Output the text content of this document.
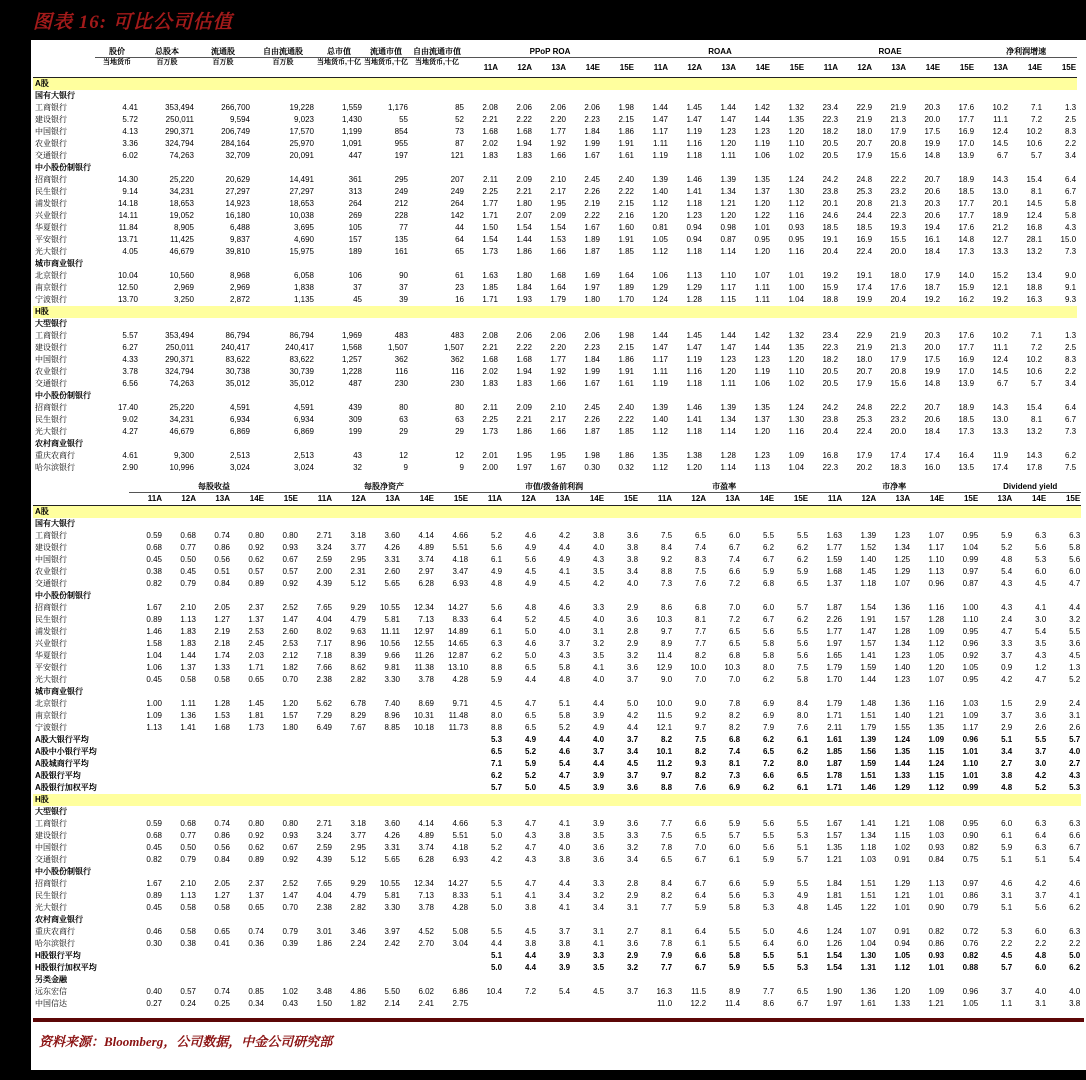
图表 16: 可比公司估值
	股价	总股本	流通股	自由流通股	总市值	流通市值	自由流通市值	PPoP ROA					ROAA					ROAE					净利润增速		
	当地货币	百万股	百万股	百万股	当地货币,十亿	当地货币,十亿	当地货币,十亿	11A	12A	13A	14E	15E	11A	12A	13A	14E	15E	11A	12A	13A	14E	15E	13A	14E	15E
A股																									
国有大银行																									
工商银行	4.41	353,494	266,700	19,228	1,559	1,176	85	2.08	2.06	2.06	2.06	1.98	1.44	1.45	1.44	1.42	1.32	23.4	22.9	21.9	20.3	17.6	10.2	7.1	1.3
建设银行	5.72	250,011	9,594	9,023	1,430	55	52	2.21	2.22	2.20	2.23	2.15	1.47	1.47	1.47	1.44	1.35	22.3	21.9	21.3	20.0	17.7	11.1	7.2	2.5
中国银行	4.13	290,371	206,749	17,570	1,199	854	73	1.68	1.68	1.77	1.84	1.86	1.17	1.19	1.23	1.23	1.20	18.2	18.0	17.9	17.5	16.9	12.4	10.2	8.3
农业银行	3.36	324,794	284,164	25,970	1,091	955	87	2.02	1.94	1.92	1.99	1.91	1.11	1.16	1.20	1.19	1.10	20.5	20.7	20.8	19.9	17.0	14.5	10.6	2.2
交通银行	6.02	74,263	32,709	20,091	447	197	121	1.83	1.83	1.66	1.67	1.61	1.19	1.18	1.11	1.06	1.02	20.5	17.9	15.6	14.8	13.9	6.7	5.7	3.4
中小股份制银行																									
招商银行	14.30	25,220	20,629	14,491	361	295	207	2.11	2.09	2.10	2.45	2.40	1.39	1.46	1.39	1.35	1.24	24.2	24.8	22.2	20.7	18.9	14.3	15.4	6.4
民生银行	9.14	34,231	27,297	27,297	313	249	249	2.25	2.21	2.17	2.26	2.22	1.40	1.41	1.34	1.37	1.30	23.8	25.3	23.2	20.6	18.5	13.0	8.1	6.7
浦发银行	14.18	18,653	14,923	18,653	264	212	264	1.77	1.80	1.95	2.19	2.15	1.12	1.18	1.21	1.20	1.12	20.1	20.8	21.3	20.3	17.7	20.1	14.5	5.8
兴业银行	14.11	19,052	16,180	10,038	269	228	142	1.71	2.07	2.09	2.22	2.16	1.20	1.23	1.20	1.22	1.16	24.6	24.4	22.3	20.6	17.7	18.9	12.4	5.8
华夏银行	11.84	8,905	6,488	3,695	105	77	44	1.50	1.54	1.54	1.67	1.60	0.81	0.94	0.98	1.01	0.93	18.5	18.5	19.3	19.4	17.6	21.2	16.8	4.3
平安银行	13.71	11,425	9,837	4,690	157	135	64	1.54	1.44	1.53	1.89	1.91	1.05	0.94	0.87	0.95	0.95	19.1	16.9	15.5	16.1	14.8	12.7	28.1	15.0
光大银行	4.05	46,679	39,810	15,975	189	161	65	1.73	1.86	1.66	1.87	1.85	1.12	1.18	1.14	1.20	1.16	20.4	22.4	20.0	18.4	17.3	13.3	13.2	7.3
城市商业银行																									
北京银行	10.04	10,560	8,968	6,058	106	90	61	1.63	1.80	1.68	1.69	1.64	1.06	1.13	1.10	1.07	1.01	19.2	19.1	18.0	17.9	14.0	15.2	13.4	9.0
南京银行	12.50	2,969	2,969	1,838	37	37	23	1.85	1.84	1.64	1.97	1.89	1.29	1.29	1.17	1.11	1.00	15.9	17.4	17.6	18.7	15.9	12.1	18.8	9.1
宁波银行	13.70	3,250	2,872	1,135	45	39	16	1.71	1.93	1.79	1.80	1.70	1.24	1.28	1.15	1.11	1.04	18.8	19.9	20.4	19.2	16.2	19.2	16.3	9.3
H股																									
大型银行																									
工商银行	5.57	353,494	86,794	86,794	1,969	483	483	2.08	2.06	2.06	2.06	1.98	1.44	1.45	1.44	1.42	1.32	23.4	22.9	21.9	20.3	17.6	10.2	7.1	1.3
建设银行	6.27	250,011	240,417	240,417	1,568	1,507	1,507	2.21	2.22	2.20	2.23	2.15	1.47	1.47	1.47	1.44	1.35	22.3	21.9	21.3	20.0	17.7	11.1	7.2	2.5
中国银行	4.33	290,371	83,622	83,622	1,257	362	362	1.68	1.68	1.77	1.84	1.86	1.17	1.19	1.23	1.23	1.20	18.2	18.0	17.9	17.5	16.9	12.4	10.2	8.3
农业银行	3.78	324,794	30,738	30,739	1,228	116	116	2.02	1.94	1.92	1.99	1.91	1.11	1.16	1.20	1.19	1.10	20.5	20.7	20.8	19.9	17.0	14.5	10.6	2.2
交通银行	6.56	74,263	35,012	35,012	487	230	230	1.83	1.83	1.66	1.67	1.61	1.19	1.18	1.11	1.06	1.02	20.5	17.9	15.6	14.8	13.9	6.7	5.7	3.4
中小股份制银行																									
招商银行	17.40	25,220	4,591	4,591	439	80	80	2.11	2.09	2.10	2.45	2.40	1.39	1.46	1.39	1.35	1.24	24.2	24.8	22.2	20.7	18.9	14.3	15.4	6.4
民生银行	9.02	34,231	6,934	6,934	309	63	63	2.25	2.21	2.17	2.26	2.22	1.40	1.41	1.34	1.37	1.30	23.8	25.3	23.2	20.6	18.5	13.0	8.1	6.7
光大银行	4.27	46,679	6,869	6,869	199	29	29	1.73	1.86	1.66	1.87	1.85	1.12	1.18	1.14	1.20	1.16	20.4	22.4	20.0	18.4	17.3	13.3	13.2	7.3
农村商业银行																									
重庆农商行	4.61	9,300	2,513	2,513	43	12	12	2.01	1.95	1.95	1.98	1.86	1.35	1.38	1.28	1.23	1.09	16.8	17.9	17.4	17.4	16.4	11.9	14.3	6.2
哈尔滨银行	2.90	10,996	3,024	3,024	32	9	9	2.00	1.97	1.67	0.30	0.32	1.12	1.20	1.14	1.13	1.04	22.3	20.2	18.3	16.0	13.5	17.4	17.8	7.5
	每股收益					每股净资产					市值/拨备前利润					市盈率					市净率					Dividend yield		
	11A	12A	13A	14E	15E	11A	12A	13A	14E	15E	11A	12A	13A	14E	15E	11A	12A	13A	14E	15E	11A	12A	13A	14E	15E	13A	14E	15E
A股																												
国有大银行																												
工商银行	0.59	0.68	0.74	0.80	0.80	2.71	3.18	3.60	4.14	4.66	5.2	4.6	4.2	3.8	3.6	7.5	6.5	6.0	5.5	5.5	1.63	1.39	1.23	1.07	0.95	5.9	6.3	6.3
建设银行	0.68	0.77	0.86	0.92	0.93	3.24	3.77	4.26	4.89	5.51	5.6	4.9	4.4	4.0	3.8	8.4	7.4	6.7	6.2	6.2	1.77	1.52	1.34	1.17	1.04	5.2	5.6	5.8
中国银行	0.45	0.50	0.56	0.62	0.67	2.59	2.95	3.31	3.74	4.18	6.1	5.6	4.9	4.3	3.8	9.2	8.3	7.4	6.7	6.2	1.59	1.40	1.25	1.10	0.99	4.8	5.3	5.6
农业银行	0.38	0.45	0.51	0.57	0.57	2.00	2.31	2.60	2.97	3.47	4.9	4.5	4.1	3.5	3.4	8.8	7.5	6.6	5.9	5.9	1.68	1.45	1.29	1.13	0.97	5.4	6.0	6.0
交通银行	0.82	0.79	0.84	0.89	0.92	4.39	5.12	5.65	6.28	6.93	4.8	4.9	4.5	4.2	4.0	7.3	7.6	7.2	6.8	6.5	1.37	1.18	1.07	0.96	0.87	4.3	4.5	4.7
中小股份制银行																												
招商银行	1.67	2.10	2.05	2.37	2.52	7.65	9.29	10.55	12.34	14.27	5.6	4.8	4.6	3.3	2.9	8.6	6.8	7.0	6.0	5.7	1.87	1.54	1.36	1.16	1.00	4.3	4.1	4.4
民生银行	0.89	1.13	1.27	1.37	1.47	4.04	4.79	5.81	7.13	8.33	6.4	5.2	4.5	4.0	3.6	10.3	8.1	7.2	6.7	6.2	2.26	1.91	1.57	1.28	1.10	2.4	3.0	3.2
浦发银行	1.46	1.83	2.19	2.53	2.60	8.02	9.63	11.11	12.97	14.89	6.1	5.0	4.0	3.1	2.8	9.7	7.7	6.5	5.6	5.5	1.77	1.47	1.28	1.09	0.95	4.7	5.4	5.5
兴业银行	1.58	1.83	2.18	2.45	2.53	7.17	8.96	10.56	12.55	14.65	6.3	4.6	3.7	3.2	2.9	8.9	7.7	6.5	5.8	5.6	1.97	1.57	1.34	1.12	0.96	3.3	3.5	3.6
华夏银行	1.04	1.44	1.74	2.03	2.12	7.18	8.39	9.66	11.26	12.87	6.2	5.0	4.3	3.5	3.2	11.4	8.2	6.8	5.8	5.6	1.65	1.41	1.23	1.05	0.92	3.7	4.3	4.5
平安银行	1.06	1.37	1.33	1.71	1.82	7.66	8.62	9.81	11.38	13.10	8.8	6.5	5.8	4.1	3.6	12.9	10.0	10.3	8.0	7.5	1.79	1.59	1.40	1.20	1.05	0.9	1.2	1.3
光大银行	0.45	0.58	0.58	0.65	0.70	2.38	2.82	3.30	3.78	4.28	5.9	4.4	4.8	4.0	3.7	9.0	7.0	7.0	6.2	5.8	1.70	1.44	1.23	1.07	0.95	4.2	4.7	5.2
城市商业银行																												
北京银行	1.00	1.11	1.28	1.45	1.20	5.62	6.78	7.40	8.69	9.71	4.5	4.7	5.1	4.4	5.0	10.0	9.0	7.8	6.9	8.4	1.79	1.48	1.36	1.16	1.03	1.5	2.9	2.4
南京银行	1.09	1.36	1.53	1.81	1.57	7.29	8.29	8.96	10.31	11.48	8.0	6.5	5.8	3.9	4.2	11.5	9.2	8.2	6.9	8.0	1.71	1.51	1.40	1.21	1.09	3.7	3.6	3.1
宁波银行	1.13	1.41	1.68	1.73	1.80	6.49	7.67	8.85	10.18	11.73	8.8	6.5	5.2	4.9	4.4	12.1	9.7	8.2	7.9	7.6	2.11	1.79	1.55	1.35	1.17	2.9	2.6	2.6
A股大银行平均											5.3	4.9	4.4	4.0	3.7	8.2	7.5	6.8	6.2	6.1	1.61	1.39	1.24	1.09	0.96	5.1	5.5	5.7
A股中小银行平均											6.5	5.2	4.6	3.7	3.4	10.1	8.2	7.4	6.5	6.2	1.85	1.56	1.35	1.15	1.01	3.4	3.7	4.0
A股城商行平均											7.1	5.9	5.4	4.4	4.5	11.2	9.3	8.1	7.2	8.0	1.87	1.59	1.44	1.24	1.10	2.7	3.0	2.7
A股银行平均											6.2	5.2	4.7	3.9	3.7	9.7	8.2	7.3	6.6	6.5	1.78	1.51	1.33	1.15	1.01	3.8	4.2	4.3
A股银行加权平均											5.7	5.0	4.5	3.9	3.6	8.8	7.6	6.9	6.2	6.1	1.71	1.46	1.29	1.12	0.99	4.8	5.2	5.3
H股																												
大型银行																												
工商银行	0.59	0.68	0.74	0.80	0.80	2.71	3.18	3.60	4.14	4.66	5.3	4.7	4.1	3.9	3.6	7.7	6.6	5.9	5.6	5.5	1.67	1.41	1.21	1.08	0.95	6.0	6.3	6.3
建设银行	0.68	0.77	0.86	0.92	0.93	3.24	3.77	4.26	4.89	5.51	5.0	4.3	3.8	3.5	3.3	7.5	6.5	5.7	5.5	5.3	1.57	1.34	1.15	1.03	0.90	6.1	6.4	6.6
中国银行	0.45	0.50	0.56	0.62	0.67	2.59	2.95	3.31	3.74	4.18	5.2	4.7	4.0	3.6	3.2	7.8	7.0	6.0	5.6	5.1	1.35	1.18	1.02	0.93	0.82	5.9	6.3	6.7
交通银行	0.82	0.79	0.84	0.89	0.92	4.39	5.12	5.65	6.28	6.93	4.2	4.3	3.8	3.6	3.4	6.5	6.7	6.1	5.9	5.7	1.21	1.03	0.91	0.84	0.75	5.1	5.1	5.4
中小股份制银行																												
招商银行	1.67	2.10	2.05	2.37	2.52	7.65	9.29	10.55	12.34	14.27	5.5	4.7	4.4	3.3	2.8	8.4	6.7	6.6	5.9	5.5	1.84	1.51	1.29	1.13	0.97	4.6	4.2	4.6
民生银行	0.89	1.13	1.27	1.37	1.47	4.04	4.79	5.81	7.13	8.33	5.1	4.1	3.4	3.2	2.9	8.2	6.4	5.6	5.3	4.9	1.81	1.51	1.21	1.01	0.86	3.1	3.7	4.1
光大银行	0.45	0.58	0.58	0.65	0.70	2.38	2.82	3.30	3.78	4.28	5.0	3.8	4.1	3.4	3.1	7.7	5.9	5.8	5.3	4.8	1.45	1.22	1.01	0.90	0.79	5.1	5.6	6.2
农村商业银行																												
重庆农商行	0.46	0.58	0.65	0.74	0.79	3.01	3.46	3.97	4.52	5.08	5.5	4.5	3.7	3.1	2.7	8.1	6.4	5.5	5.0	4.6	1.24	1.07	0.91	0.82	0.72	5.3	6.0	6.3
哈尔滨银行	0.30	0.38	0.41	0.36	0.39	1.86	2.24	2.42	2.70	3.04	4.4	3.8	3.8	4.1	3.6	7.8	6.1	5.5	6.4	6.0	1.26	1.04	0.94	0.86	0.76	2.2	2.2	2.2
H股银行平均											5.1	4.4	3.9	3.3	2.9	7.9	6.6	5.8	5.5	5.1	1.54	1.30	1.05	0.93	0.82	4.5	4.8	5.0
H股银行加权平均											5.0	4.4	3.9	3.5	3.2	7.7	6.7	5.9	5.5	5.3	1.54	1.31	1.12	1.01	0.88	5.7	6.0	6.2
另类金融																												
远东宏信	0.40	0.57	0.74	0.85	1.02	3.48	4.86	5.50	6.02	6.86	10.4	7.2	5.4	4.5	3.7	16.3	11.5	8.9	7.7	6.5	1.90	1.36	1.20	1.09	0.96	3.7	4.0	4.0
中国信达	0.27	0.24	0.25	0.34	0.43	1.50	1.82	2.14	2.41	2.75						11.0	12.2	11.4	8.6	6.7	1.97	1.61	1.33	1.21	1.05	1.1	3.1	3.8
资料来源：Bloomberg，公司数据，中金公司研究部
